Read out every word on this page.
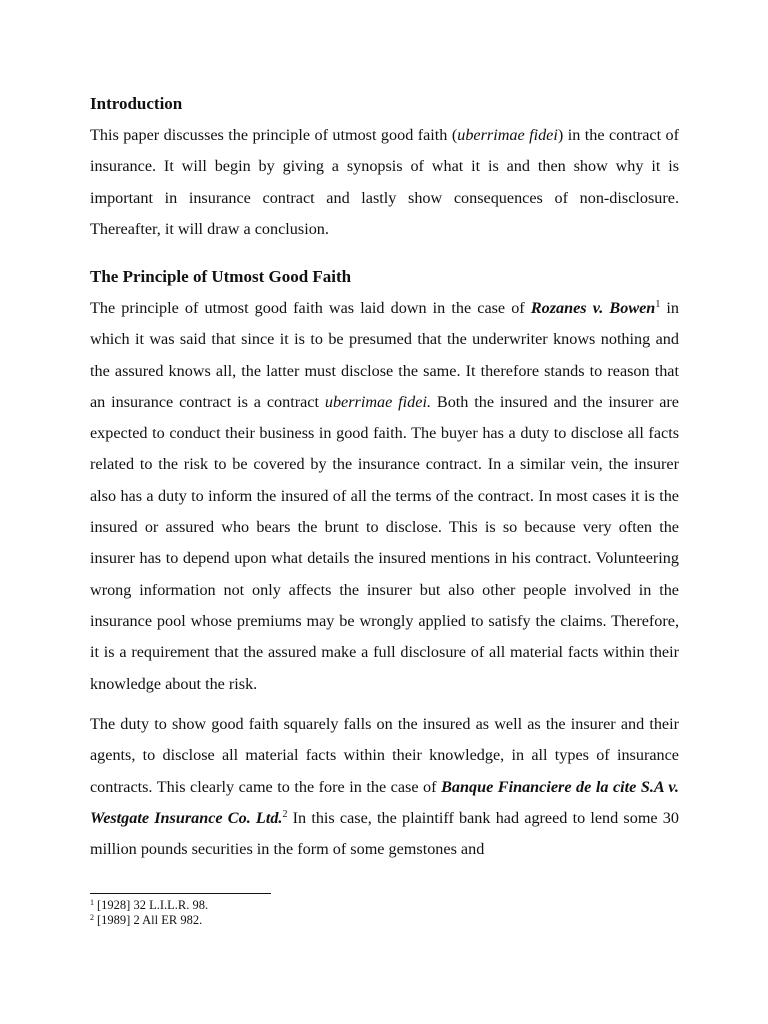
Introduction

This paper discusses the principle of utmost good faith (uberrimae fidei) in the contract of insurance. It will begin by giving a synopsis of what it is and then show why it is important in insurance contract and lastly show consequences of non-disclosure. Thereafter, it will draw a conclusion.

The Principle of Utmost Good Faith

The principle of utmost good faith was laid down in the case of Rozanes v. Bowen$^1$ in which it was said that since it is to be presumed that the underwriter knows nothing and the assured knows all, the latter must disclose the same. It therefore stands to reason that an insurance contract is a contract uberrimae fidei. Both the insured and the insurer are expected to conduct their business in good faith. The buyer has a duty to disclose all facts related to the risk to be covered by the insurance contract. In a similar vein, the insurer also has a duty to inform the insured of all the terms of the contract. In most cases it is the insured or assured who bears the brunt to disclose. This is so because very often the insurer has to depend upon what details the insured mentions in his contract. Volunteering wrong information not only affects the insurer but also other people involved in the insurance pool whose premiums may be wrongly applied to satisfy the claims. Therefore, it is a requirement that the assured make a full disclosure of all material facts within their knowledge about the risk.

The duty to show good faith squarely falls on the insured as well as the insurer and their agents, to disclose all material facts within their knowledge, in all types of insurance contracts. This clearly came to the fore in the case of Banque Financiere de la cite S.A v. Westgate Insurance Co. Ltd.$^2$ In this case, the plaintiff bank had agreed to lend some 30 million pounds securities in the form of some gemstones and

$^1$ [1928] 32 L.I.L.R. 98.
$^2$ [1989] 2 All ER 982.
